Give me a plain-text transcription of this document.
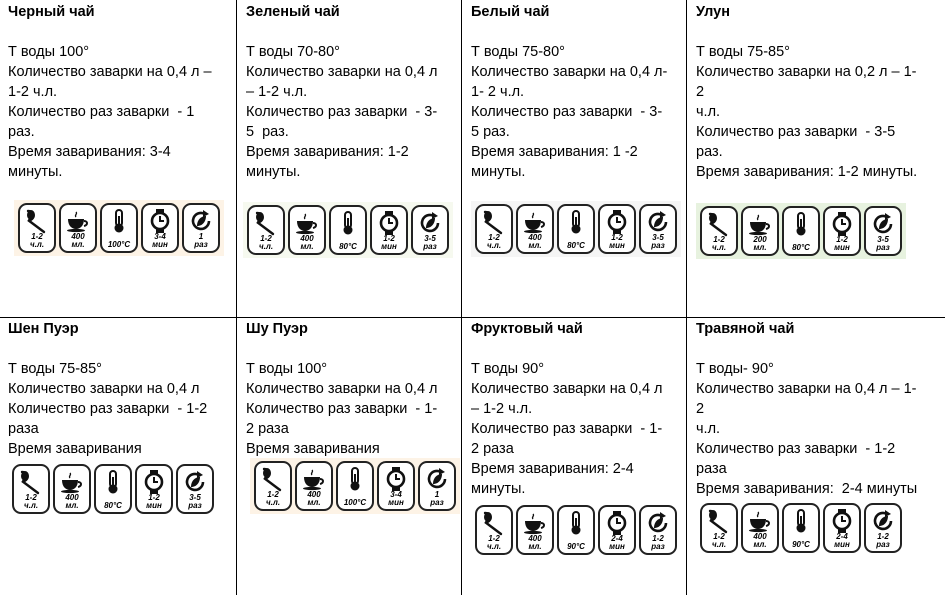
Черный чай
Т воды 100°
Количество заварки на 0,4 л –
1-2 ч.л.
Количество раз заварки  - 1
раз.
Время заваривания: 3-4
минуты.
1-2
ч.л.
400
мл.	100°C
3-4
мин
1
раз
Зеленый чай
Т воды 70-80°
Количество заварки на 0,4 л
– 1-2 ч.л.
Количество раз заварки  - 3-
5  раз.
Время заваривания: 1-2
минуты.
1-2
ч.л.
400
мл.	80°C
1-2
мин
3-5
раз
Белый чай
Т воды 75-80°
Количество заварки на 0,4 л-
1- 2 ч.л.
Количество раз заварки  - 3-
5 раз.
Время заваривания: 1 -2
минуты.
1-2
ч.л.
400
мл.	80°C
1-2
мин
3-5
раз
Улун
Т воды 75-85°
Количество заварки на 0,2 л – 1-2
ч.л.
Количество раз заварки  - 3-5
раз.
Время заваривания: 1-2 минуты.
1-2
ч.л.
200
мл.	80°C
1-2
мин
3-5
раз
Шен Пуэр
Т воды 75-85°
Количество заварки на 0,4 л
Количество раз заварки  - 1-2
раза
Время заваривания
1-2
ч.л.
400
мл.	80°C
1-2
мин
3-5
раз
Шу Пуэр
Т воды 100°
Количество заварки на 0,4 л
Количество раз заварки  - 1-
2 раза
Время заваривания
1-2
ч.л.
400
мл.	100°C
3-4
мин
1
раз
Фруктовый чай
Т воды 90°
Количество заварки на 0,4 л
– 1-2 ч.л.
Количество раз заварки  - 1-
2 раза
Время заваривания: 2-4
минуты.
1-2
ч.л.
400
мл.	90°C
2-4
мин
1-2
раз
Травяной чай
Т воды- 90°
Количество заварки на 0,4 л – 1-2
ч.л.
Количество раз заварки  - 1-2
раза
Время заваривания:  2-4 минуты
1-2
ч.л.
400
мл.	90°C
2-4
мин
1-2
раз
